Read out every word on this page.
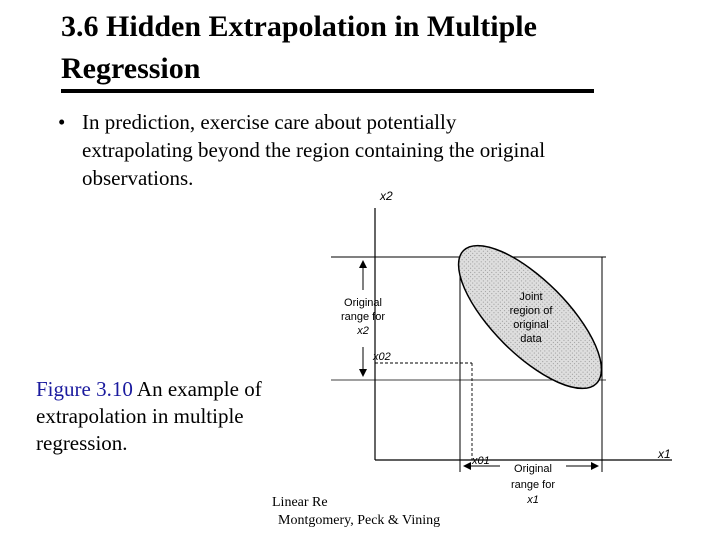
3.6 Hidden Extrapolation in Multiple
Regression
• In prediction, exercise care about potentially extrapolating beyond the region containing the original observations.
x2
x1
Joint
region of
original
data
x02
x01
Original
range for
x2
Original
range for
x1
Figure 3.10 An example of extrapolation in multiple regression.
Linear Re
Montgomery, Peck & Vining
